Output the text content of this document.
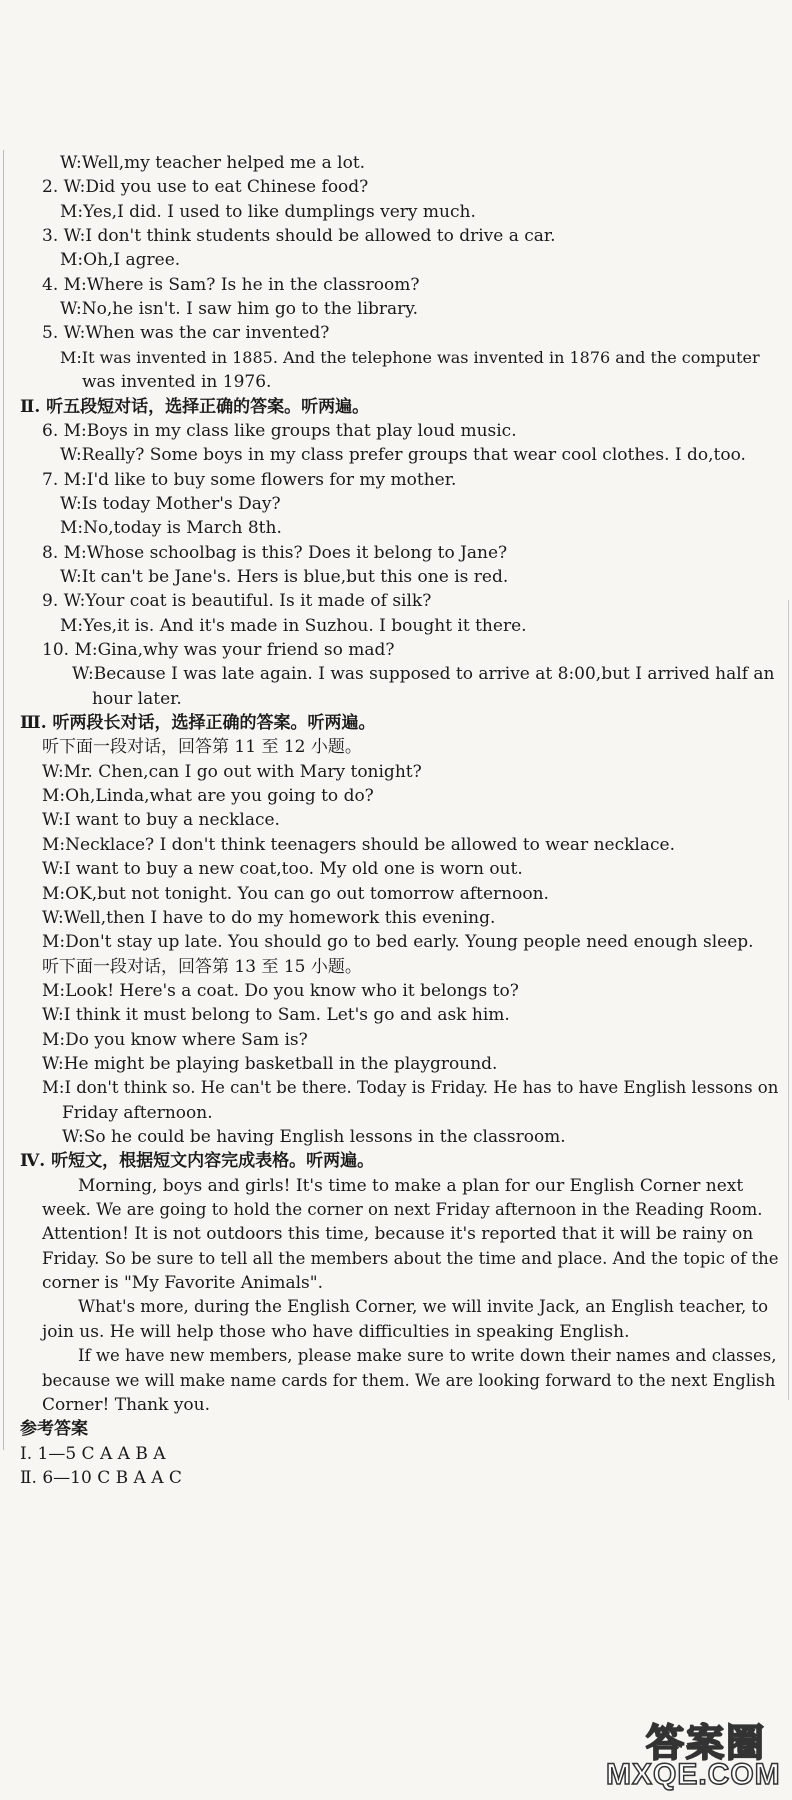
W:Well,my teacher helped me a lot.
2. W:Did you use to eat Chinese food?
M:Yes,I did. I used to like dumplings very much.
3. W:I don't think students should be allowed to drive a car.
M:Oh,I agree.
4. M:Where is Sam? Is he in the classroom?
W:No,he isn't. I saw him go to the library.
5. W:When was the car invented?
M:It was invented in 1885. And the telephone was invented in 1876 and the computer
was invented in 1976.
Ⅱ. 听五段短对话，选择正确的答案。听两遍。
6. M:Boys in my class like groups that play loud music.
W:Really? Some boys in my class prefer groups that wear cool clothes. I do,too.
7. M:I'd like to buy some flowers for my mother.
W:Is today Mother's Day?
M:No,today is March 8th.
8. M:Whose schoolbag is this? Does it belong to Jane?
W:It can't be Jane's. Hers is blue,but this one is red.
9. W:Your coat is beautiful. Is it made of silk?
M:Yes,it is. And it's made in Suzhou. I bought it there.
10. M:Gina,why was your friend so mad?
W:Because I was late again. I was supposed to arrive at 8:00,but I arrived half an
hour later.
Ⅲ. 听两段长对话，选择正确的答案。听两遍。
听下面一段对话，回答第 11 至 12 小题。
W:Mr. Chen,can I go out with Mary tonight?
M:Oh,Linda,what are you going to do?
W:I want to buy a necklace.
M:Necklace? I don't think teenagers should be allowed to wear necklace.
W:I want to buy a new coat,too. My old one is worn out.
M:OK,but not tonight. You can go out tomorrow afternoon.
W:Well,then I have to do my homework this evening.
M:Don't stay up late. You should go to bed early. Young people need enough sleep.
听下面一段对话，回答第 13 至 15 小题。
M:Look! Here's a coat. Do you know who it belongs to?
W:I think it must belong to Sam. Let's go and ask him.
M:Do you know where Sam is?
W:He might be playing basketball in the playground.
M:I don't think so. He can't be there. Today is Friday. He has to have English lessons on
Friday afternoon.
W:So he could be having English lessons in the classroom.
Ⅳ. 听短文，根据短文内容完成表格。听两遍。
Morning, boys and girls! It's time to make a plan for our English Corner next
week. We are going to hold the corner on next Friday afternoon in the Reading Room.
Attention! It is not outdoors this time, because it's reported that it will be rainy on
Friday. So be sure to tell all the members about the time and place. And the topic of the
corner is "My Favorite Animals".
What's more, during the English Corner, we will invite Jack, an English teacher, to
join us. He will help those who have difficulties in speaking English.
If we have new members, please make sure to write down their names and classes,
because we will make name cards for them. We are looking forward to the next English
Corner! Thank you.
参考答案
Ⅰ. 1—5 C A A B A
Ⅱ. 6—10 C B A A C
答案圈
MXQE.COM
